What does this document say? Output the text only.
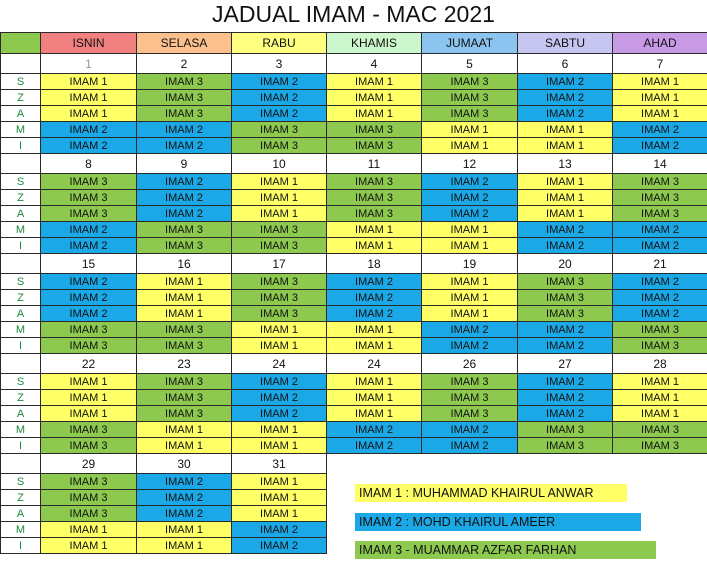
JADUAL IMAM - MAC 2021
ISNIN	SELASA	RABU	KHAMIS	JUMAAT	SABTU	AHAD
1	2	3	4	5	6	7
S	IMAM 1	IMAM 3	IMAM 2	IMAM 1	IMAM 3	IMAM 2	IMAM 1
Z	IMAM 1	IMAM 3	IMAM 2	IMAM 1	IMAM 3	IMAM 2	IMAM 1
A	IMAM 1	IMAM 3	IMAM 2	IMAM 1	IMAM 3	IMAM 2	IMAM 1
M	IMAM 2	IMAM 2	IMAM 3	IMAM 3	IMAM 1	IMAM 1	IMAM 2
I	IMAM 2	IMAM 2	IMAM 3	IMAM 3	IMAM 1	IMAM 1	IMAM 2
8	9	10	11	12	13	14
S	IMAM 3	IMAM 2	IMAM 1	IMAM 3	IMAM 2	IMAM 1	IMAM 3
Z	IMAM 3	IMAM 2	IMAM 1	IMAM 3	IMAM 2	IMAM 1	IMAM 3
A	IMAM 3	IMAM 2	IMAM 1	IMAM 3	IMAM 2	IMAM 1	IMAM 3
M	IMAM 2	IMAM 3	IMAM 3	IMAM 1	IMAM 1	IMAM 2	IMAM 2
I	IMAM 2	IMAM 3	IMAM 3	IMAM 1	IMAM 1	IMAM 2	IMAM 2
15	16	17	18	19	20	21
S	IMAM 2	IMAM 1	IMAM 3	IMAM 2	IMAM 1	IMAM 3	IMAM 2
Z	IMAM 2	IMAM 1	IMAM 3	IMAM 2	IMAM 1	IMAM 3	IMAM 2
A	IMAM 2	IMAM 1	IMAM 3	IMAM 2	IMAM 1	IMAM 3	IMAM 2
M	IMAM 3	IMAM 3	IMAM 1	IMAM 1	IMAM 2	IMAM 2	IMAM 3
I	IMAM 3	IMAM 3	IMAM 1	IMAM 1	IMAM 2	IMAM 2	IMAM 3
22	23	24	24	26	27	28
S	IMAM 1	IMAM 3	IMAM 2	IMAM 1	IMAM 3	IMAM 2	IMAM 1
Z	IMAM 1	IMAM 3	IMAM 2	IMAM 1	IMAM 3	IMAM 2	IMAM 1
A	IMAM 1	IMAM 3	IMAM 2	IMAM 1	IMAM 3	IMAM 2	IMAM 1
M	IMAM 3	IMAM 1	IMAM 1	IMAM 2	IMAM 2	IMAM 3	IMAM 3
I	IMAM 3	IMAM 1	IMAM 1	IMAM 2	IMAM 2	IMAM 3	IMAM 3
29	30	31
S	IMAM 3	IMAM 2	IMAM 1
Z	IMAM 3	IMAM 2	IMAM 1
A	IMAM 3	IMAM 2	IMAM 1
M	IMAM 1	IMAM 1	IMAM 2
I	IMAM 1	IMAM 1	IMAM 2
IMAM 1 : MUHAMMAD KHAIRUL ANWAR
IMAM 2 : MOHD KHAIRUL AMEER
IMAM 3 - MUAMMAR AZFAR FARHAN
